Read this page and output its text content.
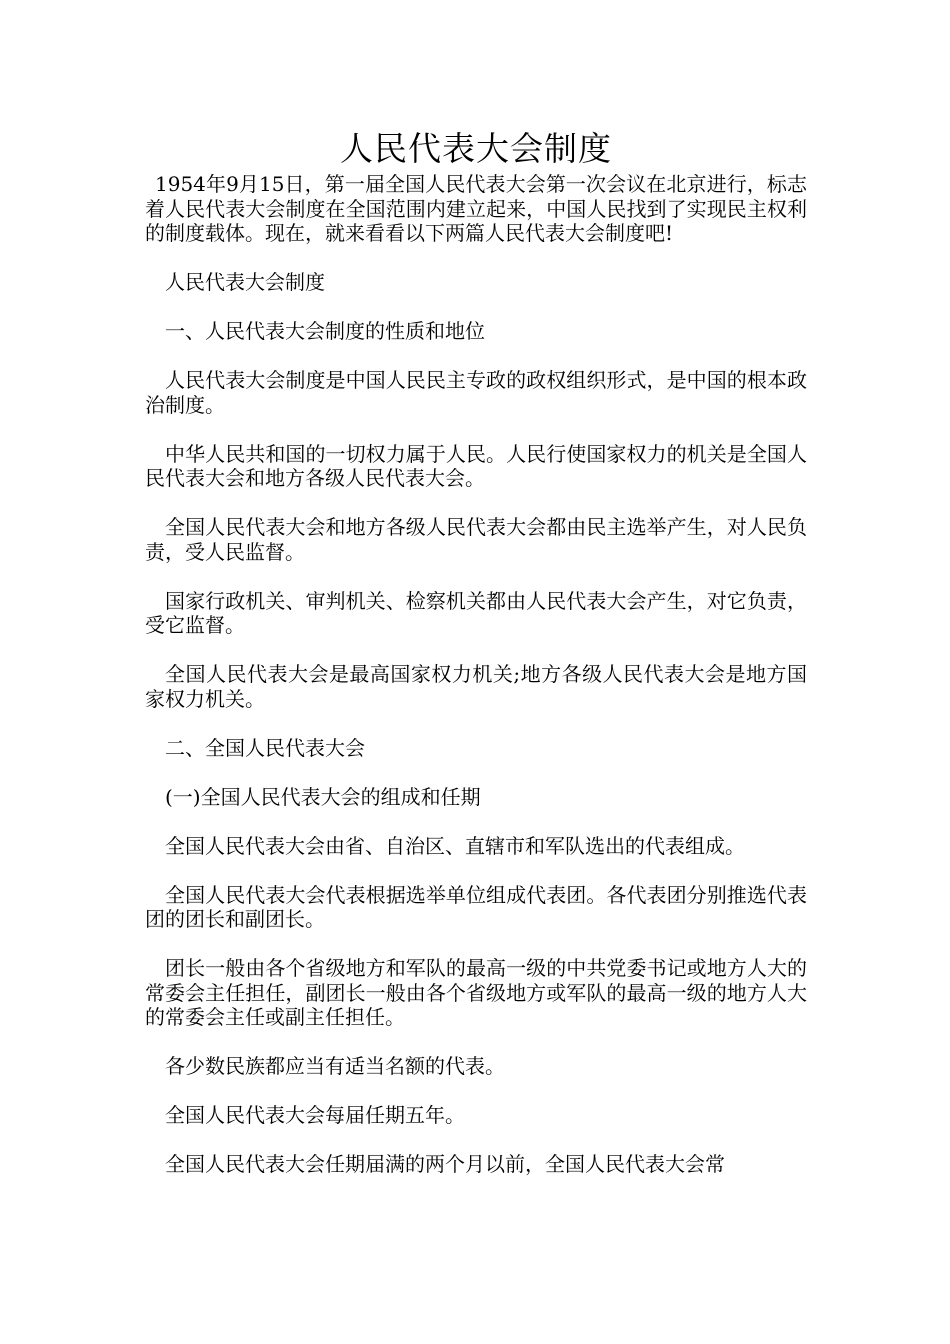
人民代表大会制度

1954年9月15日，第一届全国人民代表大会第一次会议在北京进行，标志着人民代表大会制度在全国范围内建立起来，中国人民找到了实现民主权利的制度载体。现在，就来看看以下两篇人民代表大会制度吧!

人民代表大会制度

一、人民代表大会制度的性质和地位

人民代表大会制度是中国人民民主专政的政权组织形式，是中国的根本政治制度。

中华人民共和国的一切权力属于人民。人民行使国家权力的机关是全国人民代表大会和地方各级人民代表大会。

全国人民代表大会和地方各级人民代表大会都由民主选举产生，对人民负责，受人民监督。

国家行政机关、审判机关、检察机关都由人民代表大会产生，对它负责，受它监督。

全国人民代表大会是最高国家权力机关;地方各级人民代表大会是地方国家权力机关。

二、全国人民代表大会

(一)全国人民代表大会的组成和任期

全国人民代表大会由省、自治区、直辖市和军队选出的代表组成。

全国人民代表大会代表根据选举单位组成代表团。各代表团分别推选代表团的团长和副团长。

团长一般由各个省级地方和军队的最高一级的中共党委书记或地方人大的常委会主任担任，副团长一般由各个省级地方或军队的最高一级的地方人大的常委会主任或副主任担任。

各少数民族都应当有适当名额的代表。

全国人民代表大会每届任期五年。

全国人民代表大会任期届满的两个月以前，全国人民代表大会常
